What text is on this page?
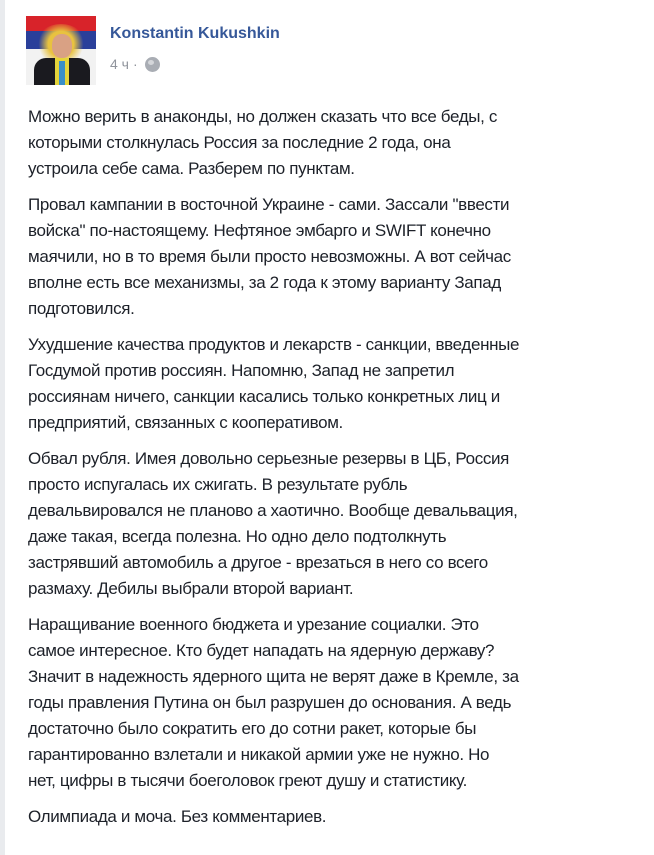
Konstantin Kukushkin
4 ч ·
Можно верить в анаконды, но должен сказать что все беды, с
которыми столкнулась Россия за последние 2 года, она
устроила себе сама. Разберем по пунктам.
Провал кампании в восточной Украине - сами. Зассали "ввести
войска" по-настоящему. Нефтяное эмбарго и SWIFT конечно
маячили, но в то время были просто невозможны. А вот сейчас
вполне есть все механизмы, за 2 года к этому варианту Запад
подготовился.
Ухудшение качества продуктов и лекарств - санкции, введенные
Госдумой против россиян. Напомню, Запад не запретил
россиянам ничего, санкции касались только конкретных лиц и
предприятий, связанных с кооперативом.
Обвал рубля. Имея довольно серьезные резервы в ЦБ, Россия
просто испугалась их сжигать. В результате рубль
девальвировался не планово а хаотично. Вообще девальвация,
даже такая, всегда полезна. Но одно дело подтолкнуть
застрявший автомобиль а другое - врезаться в него со всего
размаху. Дебилы выбрали второй вариант.
Наращивание военного бюджета и урезание социалки. Это
самое интересное. Кто будет нападать на ядерную державу?
Значит в надежность ядерного щита не верят даже в Кремле, за
годы правления Путина он был разрушен до основания. А ведь
достаточно было сократить его до сотни ракет, которые бы
гарантированно взлетали и никакой армии уже не нужно. Но
нет, цифры в тысячи боеголовок греют душу и статистику.
Олимпиада и моча. Без комментариев.
